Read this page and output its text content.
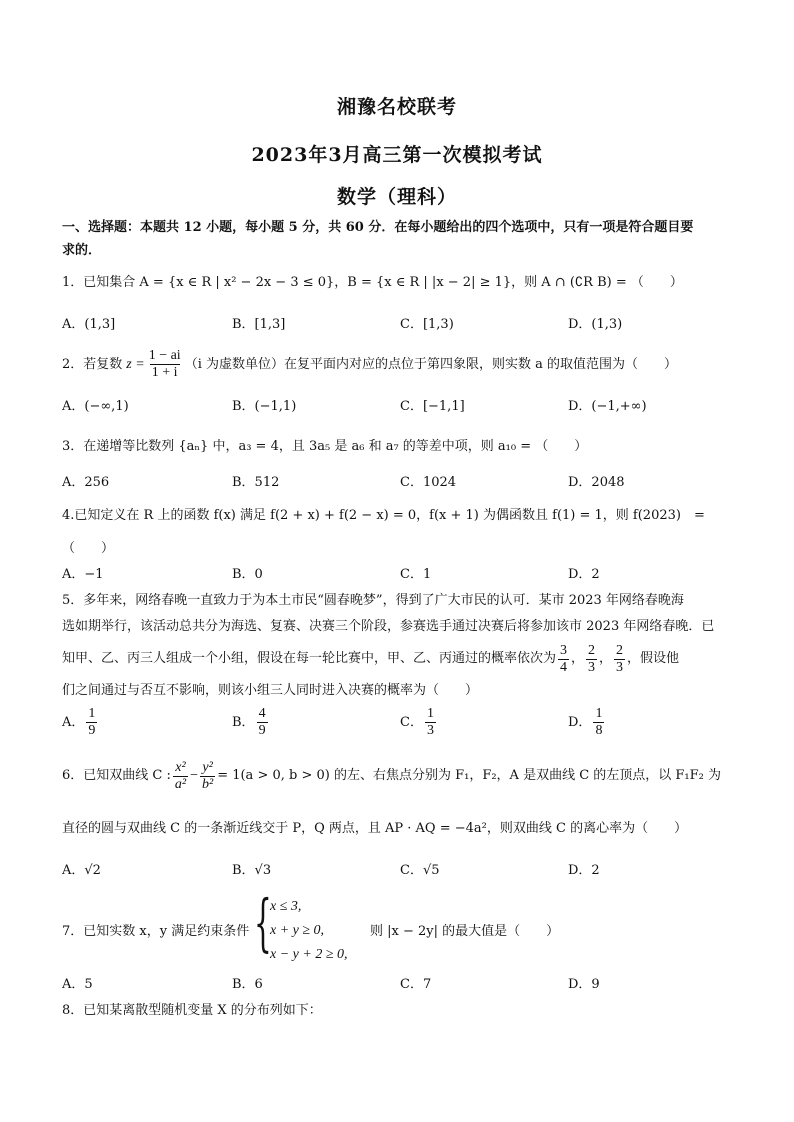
湘豫名校联考
2023年3月高三第一次模拟考试
数学（理科）
一、选择题：本题共 12 小题，每小题 5 分，共 60 分．在每小题给出的四个选项中，只有一项是符合题目要
求的．
1．已知集合 A = {x ∈ R | x² − 2x − 3 ≤ 0}，B = {x ∈ R | |x − 2| ≥ 1}，则 A ∩ (∁R B) = （　　）
A．(1,3]	B．[1,3]	C．[1,3)	D．(1,3)
2．若复数 $z = \frac{1 - ai}{1 + i} (i$ 为虚数单位）在复平面内对应的点位于第四象限，则实数 a 的取值范围为（　　）
A．(−∞,1)	B．(−1,1)	C．[−1,1]	D．(−1,+∞)
3．在递增等比数列 {aₙ} 中，a₃ = 4，且 3a₅ 是 a₆ 和 a₇ 的等差中项，则 a₁₀ = （　　）
A．256	B．512	C．1024	D．2048
4.已知定义在 R 上的函数 f(x) 满足 f(2 + x) + f(2 − x) = 0，f(x + 1) 为偶函数且 f(1) = 1，则 f(2023)　=
（　　）
A．−1	B．0	C．1	D．2
5．多年来，网络春晚一直致力于为本土市民“圆春晚梦”，得到了广大市民的认可．某市 2023 年网络春晚海
选如期举行，该活动总共分为海选、复赛、决赛三个阶段，参赛选手通过决赛后将参加该市 2023 年网络春晚．已
知甲、乙、丙三人组成一个小组，假设在每一轮比赛中，甲、乙、丙通过的概率依次为 $\frac{3}{4}$ ， $\frac{2}{3}$ ， $\frac{2}{3}$ ，假设他
们之间通过与否互不影响，则该小组三人同时进入决赛的概率为（　　）
A． $\frac{1}{9}$	B． $\frac{4}{9}$	C． $\frac{1}{3}$	D． $\frac{1}{8}$
6．已知双曲线 C : $\frac{\text{x²}}{\text{a²}} - \frac{\text{y²}}{\text{b²}} = 1(a > 0$, b > 0) 的左、右焦点分别为 F₁，F₂，A 是双曲线 C 的左顶点，以 F₁F₂ 为
直径的圆与双曲线 C 的一条渐近线交于 P，Q 两点，且 AP · AQ = −4a²，则双曲线 C 的离心率为（　　）
A．√2	B．√3	C．√5	D．2
7．已知实数 x，y 满足约束条件 {
x ≤ 3,
x + y ≥ 0,
x − y + 2 ≥ 0,
则 |x − 2y| 的最大值是（　　）
A．5	B．6	C．7	D．9
8．已知某离散型随机变量 X 的分布列如下：
